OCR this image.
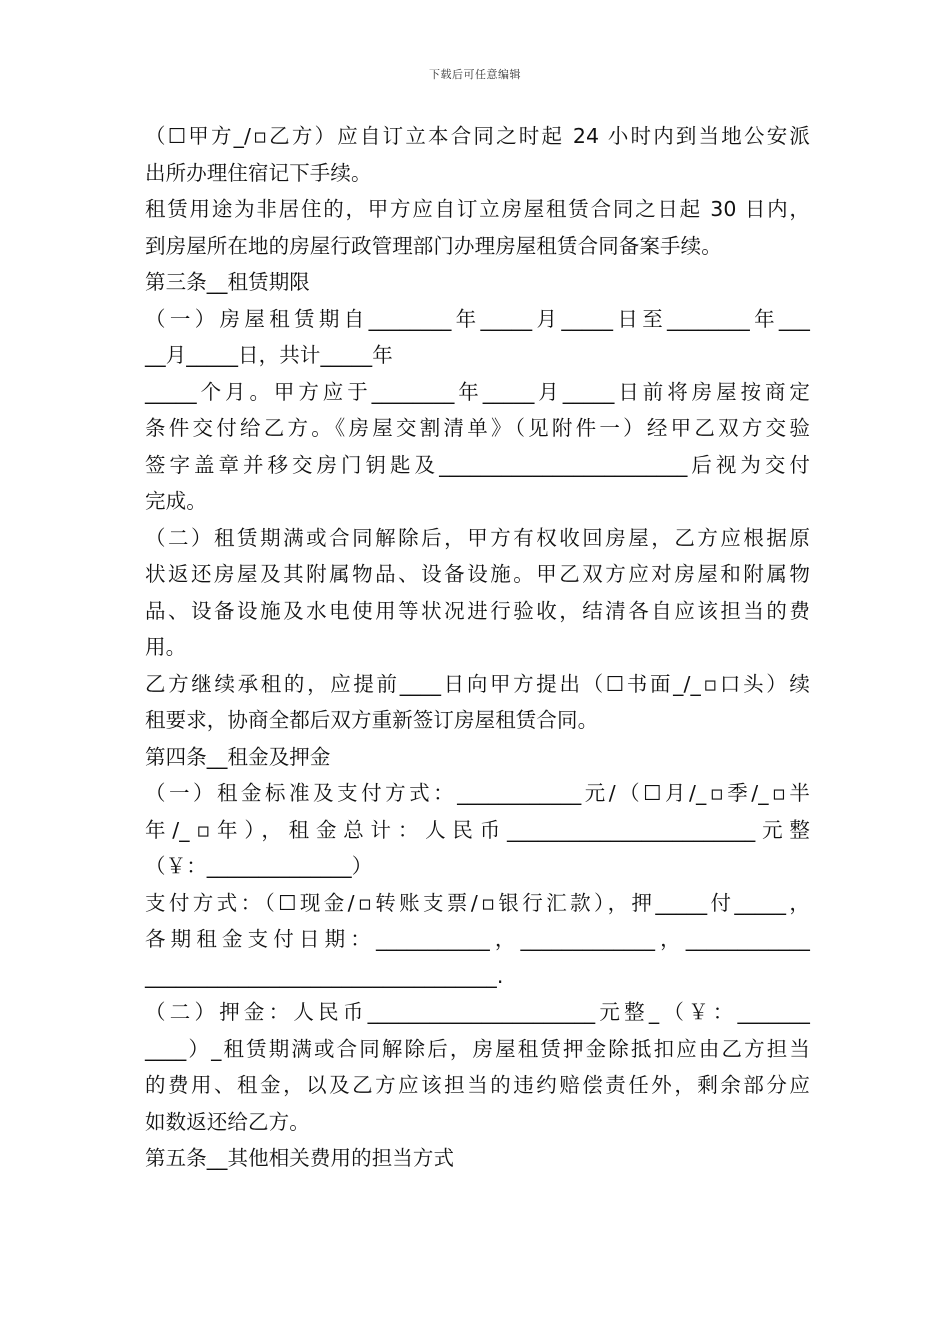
下载后可任意编辑
（☐甲方_/▫乙方）应自订立本合同之时起 24 小时内到当地公安派
出所办理住宿记下手续。
租赁用途为非居住的，甲方应自订立房屋租赁合同之日起 30 日内，
到房屋所在地的房屋行政管理部门办理房屋租赁合同备案手续。
第三条__租赁期限
（一）房屋租赁期自________年_____月_____日至________年___
__月_____日，共计_____年
_____个月。甲方应于________年_____月_____日前将房屋按商定
条件交付给乙方。《房屋交割清单》（见附件一）经甲乙双方交验
签字盖章并移交房门钥匙及________________________后视为交付
完成。
（二）租赁期满或合同解除后，甲方有权收回房屋，乙方应根据原
状返还房屋及其附属物品、设备设施。甲乙双方应对房屋和附属物
品、设备设施及水电使用等状况进行验收，结清各自应该担当的费
用。
乙方继续承租的，应提前____日向甲方提出（☐书面_/_▫口头）续
租要求，协商全都后双方重新签订房屋租赁合同。
第四条__租金及押金
（一）租金标准及支付方式：____________元/（☐月/_▫季/_▫半
年/_▫年），租金总计：人民币________________________元整
（￥：______________）
支付方式：（☐现金/▫转账支票/▫银行汇款），押_____付_____，
各期租金支付日期：___________，_____________，____________
__________________________________.
（二）押金：人民币______________________元整_（￥：_______
____）_租赁期满或合同解除后，房屋租赁押金除抵扣应由乙方担当
的费用、租金，以及乙方应该担当的违约赔偿责任外，剩余部分应
如数返还给乙方。
第五条__其他相关费用的担当方式
